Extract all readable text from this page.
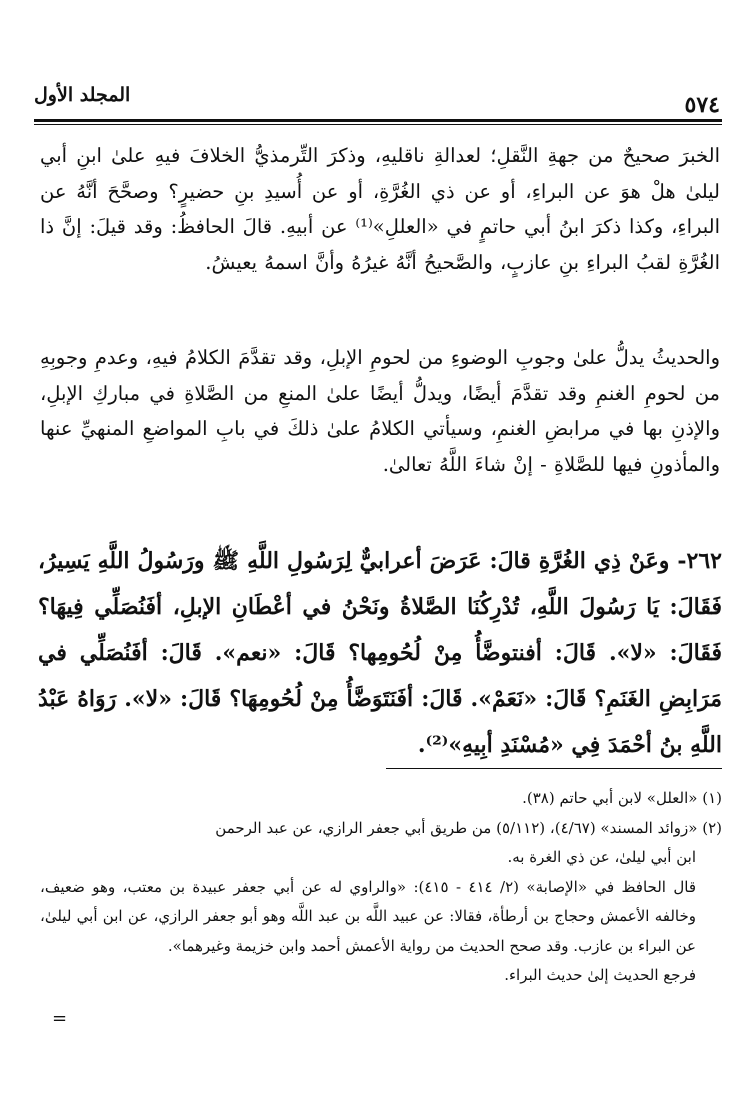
المجلد الأول	٥٧٤

الخبرَ صحيحٌ من جهةِ النَّقلِ؛ لعدالةِ ناقليهِ، وذكرَ التِّرمذيُّ الخلافَ فيهِ علىٰ ابنِ أبي ليلىٰ هلْ هوَ عن البراءِ، أو عن ذي الغُرَّةِ، أو عن أُسيدِ بنِ حضيرٍ؟ وصحَّحَ أنَّهُ عن البراءِ، وكذا ذكرَ ابنُ أبي حاتمٍ في «العللِ»⁽¹⁾ عن أبيهِ. قالَ الحافظُ: وقد قيلَ: إنَّ ذا الغُرَّةِ لقبُ البراءِ بنِ عازبٍ، والصَّحيحُ أنَّهُ غيرُهُ وأنَّ اسمهُ يعيشُ.

والحديثُ يدلُّ علىٰ وجوبِ الوضوءِ من لحومِ الإبلِ، وقد تقدَّمَ الكلامُ فيهِ، وعدمِ وجوبِهِ من لحومِ الغنمِ وقد تقدَّمَ أيضًا، ويدلُّ أيضًا علىٰ المنعِ من الصَّلاةِ في مباركِ الإبلِ، والإذنِ بها في مرابضِ الغنمِ، وسيأتي الكلامُ علىٰ ذلكَ في بابِ المواضعِ المنهيِّ عنها والمأذونِ فيها للصَّلاةِ - إنْ شاءَ اللَّهُ تعالىٰ.

٢٦٢- وعَنْ ذِي الغُرَّةِ قالَ: عَرَضَ أعرابيٌّ لِرَسُولِ اللَّهِ ﷺ ورَسُولُ اللَّهِ يَسِيرُ، فَقَالَ: يَا رَسُولَ اللَّهِ، تُدْرِكُنَا الصَّلاةُ ونَحْنُ في أعْطَانِ الإبلِ، أفَنُصَلِّي فِيهَا؟ فَقَالَ: «لا». قَالَ: أفنتوضَّأُ مِنْ لُحُومِها؟ قَالَ: «نعم». قَالَ: أفَنُصَلِّي في مَرَابِضِ الغَنَمِ؟ قَالَ: «نَعَمْ». قَالَ: أفَنَتَوَضَّأُ مِنْ لُحُومِهَا؟ قَالَ: «لا». رَوَاهُ عَبْدُ اللَّهِ بنُ أحْمَدَ فِي «مُسْنَدِ أبِيهِ»⁽²⁾.

(١) «العلل» لابن أبي حاتم (٣٨).

(٢) «زوائد المسند» (٤/٦٧)، (٥/١١٢) من طريق أبي جعفر الرازي، عن عبد الرحمن

ابن أبي ليلىٰ، عن ذي الغرة به.

قال الحافظ في «الإصابة» (٢/ ٤١٤ - ٤١٥): «والراوي له عن أبي جعفر عبيدة بن معتب، وهو ضعيف، وخالفه الأعمش وحجاج بن أرطأة، فقالا: عن عبيد اللَّه بن عبد اللَّه وهو أبو جعفر الرازي، عن ابن أبي ليلىٰ، عن البراء بن عازب. وقد صحح الحديث من رواية الأعمش أحمد وابن خزيمة وغيرهما».

فرجع الحديث إلىٰ حديث البراء.

=
